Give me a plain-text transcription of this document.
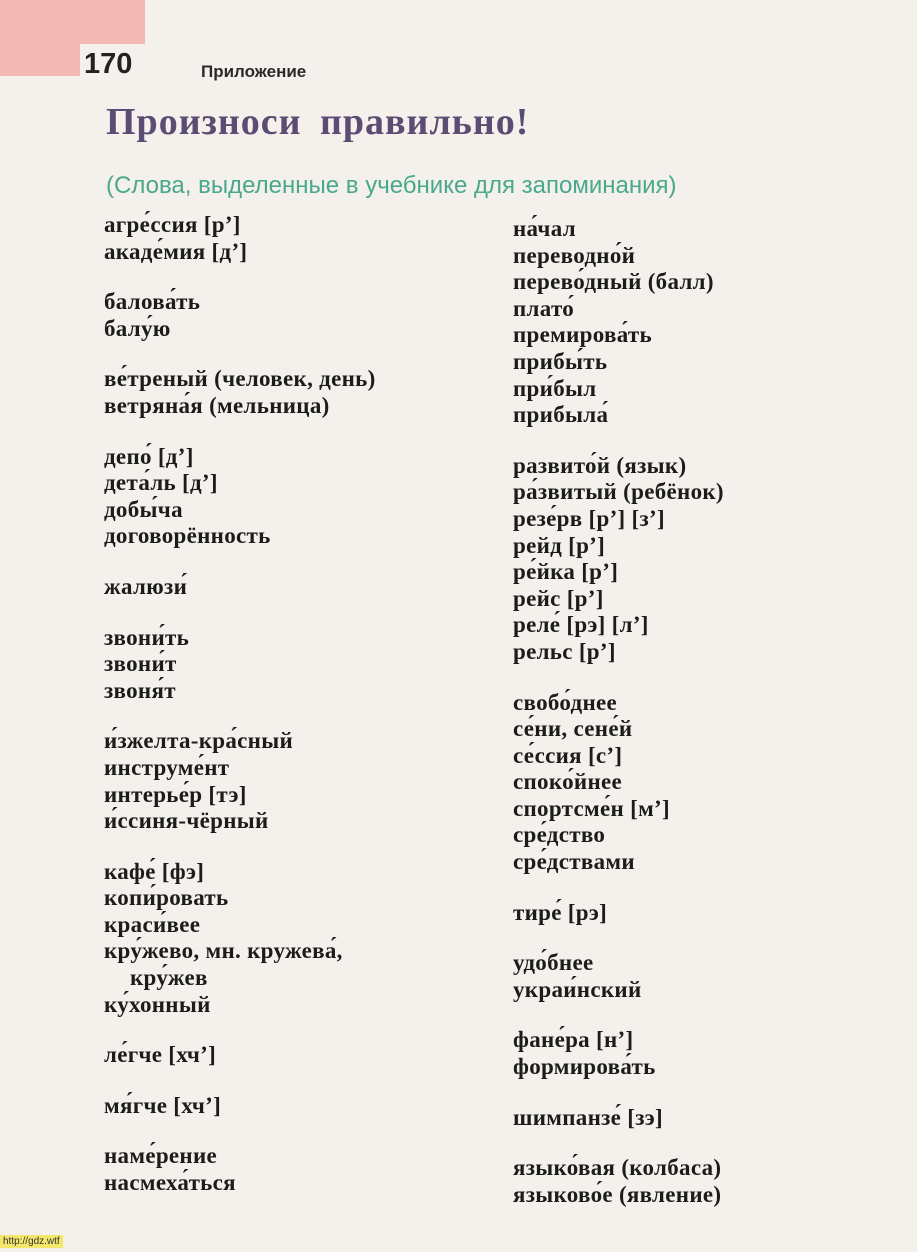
170	Приложение
Произноси правильно!
(Слова, выделенные в учебнике для запоминания)
агре́ссия [р’]
акаде́мия [д’]
балова́ть
балу́ю
ве́треный (человек, день)
ветряна́я (мельница)
депо́ [д’]
дета́ль [д’]
добы́ча
договорённость
жалюзи́
звони́ть
звони́т
звоня́т
и́зжелта-кра́сный
инструме́нт
интерье́р [тэ]
и́ссиня-чёрный
кафе́ [фэ]
копи́ровать
краси́вее
кру́жево, мн. кружева́,
кру́жев
ку́хонный
ле́гче [хч’]
мя́гче [хч’]
наме́рение
насмеха́ться
на́чал
переводно́й
перево́дный (балл)
плато́
премирова́ть
прибы́ть
при́был
прибыла́
развито́й (язык)
ра́звитый (ребёнок)
резе́рв [р’] [з’]
рейд [р’]
ре́йка [р’]
рейс [р’]
реле́ [рэ] [л’]
рельс [р’]
свобо́днее
се́ни, сене́й
се́ссия [с’]
споко́йнее
спортсме́н [м’]
сре́дство
сре́дствами
тире́ [рэ]
удо́бнее
украи́нский
фане́ра [н’]
формирова́ть
шимпанзе́ [зэ]
языко́вая (колбаса)
языково́е (явление)
http://gdz.wtf
